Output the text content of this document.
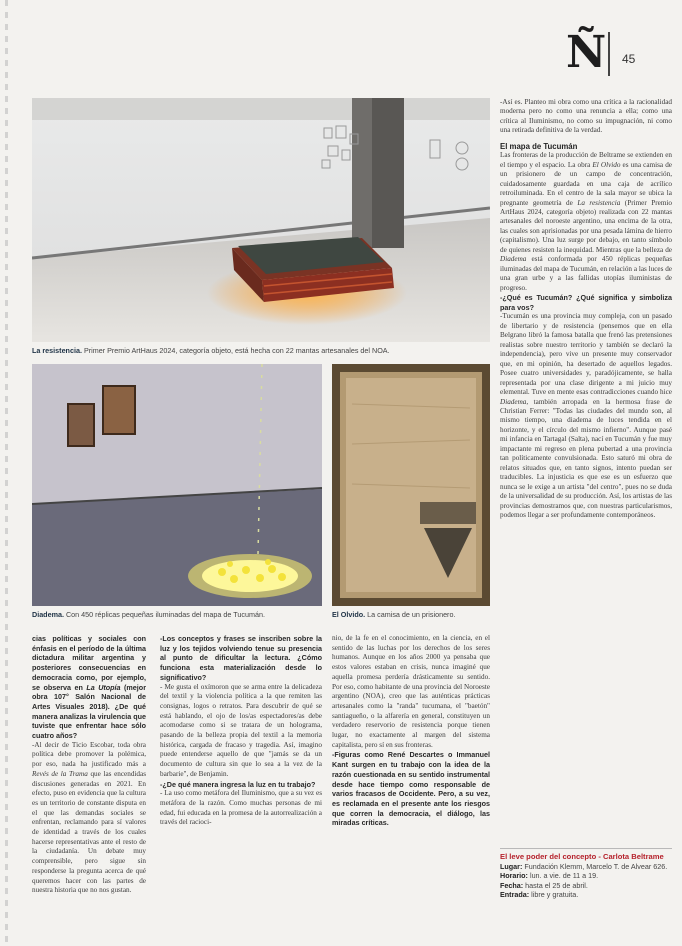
Ñ 45
La resistencia. Primer Premio ArtHaus 2024, categoría objeto, está hecha con 22 mantas artesanales del NOA.
Diadema. Con 450 réplicas pequeñas iluminadas del mapa de Tucumán.	El Olvido. La camisa de un prisionero.

cias políticas y sociales con énfasis en el período de la última dictadura militar argentina y posteriores consecuencias en democracia como, por ejemplo, se observa en La Utopía (mejor obra 107° Salón Nacional de Artes Visuales 2018). ¿De qué manera analizas la virulencia que tuviste que enfrentar hace sólo cuatro años?

-Al decir de Ticio Escobar, toda obra política debe promover la polémica, por eso, nada ha justificado más a Revés de la Trama que las encendidas discusiones generadas en 2021. En efecto, puso en evidencia que la cultura es un territorio de constante disputa en el que las demandas sociales se enfrentan, reclamando para sí valores de identidad a través de los cuales hacerse representativas ante el resto de la ciudadanía. Un debate muy comprensible, pero sigue sin responderse la pregunta acerca de qué queremos hacer con las partes de nuestra historia que no nos gustan.

-Los conceptos y frases se inscriben sobre la luz y los tejidos volviendo tenue su presencia al punto de dificultar la lectura. ¿Cómo funciona esta materialización desde lo significativo?

- Me gusta el oxímoron que se arma entre la delicadeza del textil y la violencia política a la que remiten las consignas, logos o retratos. Para descubrir de qué se está hablando, el ojo de los/as espectadores/as debe acomodarse como si se tratara de un holograma, pasando de la belleza propia del textil a la memoria histórica, cargada de fracaso y tragedia. Así, imagino puede entenderse aquello de que "jamás se da un documento de cultura sin que lo sea a la vez de la barbarie", de Benjamin.

-¿De qué manera ingresa la luz en tu trabajo?

- La uso como metáfora del Iluminismo, que a su vez es metáfora de la razón. Como muchas personas de mi edad, fui educada en la promesa de la autorrealización a través del racioci-

nio, de la fe en el conocimiento, en la ciencia, en el sentido de las luchas por los derechos de los seres humanos. Aunque en los años 2000 ya pensaba que estos valores estaban en crisis, nunca imaginé que aquella promesa perdería drásticamente su sentido. Por eso, como habitante de una provincia del Noroeste argentino (NOA), creo que las auténticas prácticas artesanales como la "randa" tucumana, el "baetón" santiagueño, o la alfarería en general, constituyen un verdadero reservorio de resistencia porque tienen lugar, no exactamente al margen del sistema capitalista, pero sí en sus fronteras.

-Figuras como René Descartes o Immanuel Kant surgen en tu trabajo con la idea de la razón cuestionada en su sentido instrumental desde hace tiempo como responsable de varios fracasos de Occidente. Pero, a su vez, es reclamada en el presente ante los riesgos que corren la democracia, el diálogo, las miradas críticas.

-Así es. Planteo mi obra como una crítica a la racionalidad moderna pero no como una renuncia a ella; como una crítica al Iluminismo, no como su impugnación, ni como una retirada definitiva de la verdad.

El mapa de Tucumán

Las fronteras de la producción de Beltrame se extienden en el tiempo y el espacio. La obra El Olvido es una camisa de un prisionero de un campo de concentración, cuidadosamente guardada en una caja de acrílico retroiluminada. En el centro de la sala mayor se ubica la pregnante geometría de La resistencia (Primer Premio ArtHaus 2024, categoría objeto) realizada con 22 mantas artesanales del noroeste argentino, una encima de la otra, las cuales son aprisionadas por una pesada lámina de hierro (capitalismo). Una luz surge por debajo, en tanto símbolo de quienes resisten la inequidad. Mientras que la belleza de Diadema está conformada por 450 réplicas pequeñas iluminadas del mapa de Tucumán, en relación a las luces de una gran urbe y a las fallidas utopías iluministas de progreso.

-¿Qué es Tucumán? ¿Qué significa y simboliza para vos?

-Tucumán es una provincia muy compleja, con un pasado de libertario y de resistencia (pensemos que en ella Belgrano libró la famosa batalla que frenó las pretensiones realistas sobre nuestro territorio y también se declaró la independencia), pero vive un presente muy conservador que, en mi opinión, ha desertado de aquellos legados. Posee cuatro universidades y, paradójicamente, se halla representada por una clase dirigente a mi juicio muy elemental. Tuve en mente esas contradicciones cuando hice Diadema, también arropada en la hermosa frase de Christian Ferrer: "Todas las ciudades del mundo son, al mismo tiempo, una diadema de luces tendida en el horizonte, y el círculo del mismo infierno". Aunque pasé mi infancia en Tartagal (Salta), nací en Tucumán y fue muy impactante mi regreso en plena pubertad a una provincia tan políticamente convulsionada. Esto saturó mi obra de relatos situados que, en tanto signos, intento puedan ser traducibles. La injusticia es que ese es un esfuerzo que nunca se le exige a un artista "del centro", pues no se duda de la universalidad de su producción. Así, los artistas de las provincias demostramos que, con nuestras particularismos, podemos llegar a ser profundamente contemporáneos.

El leve poder del concepto - Carlota Beltrame
Lugar: Fundación Klemm, Marcelo T. de Alvear 626.
Horario: lun. a vie. de 11 a 19.
Fecha: hasta el 25 de abril.
Entrada: libre y gratuita.
